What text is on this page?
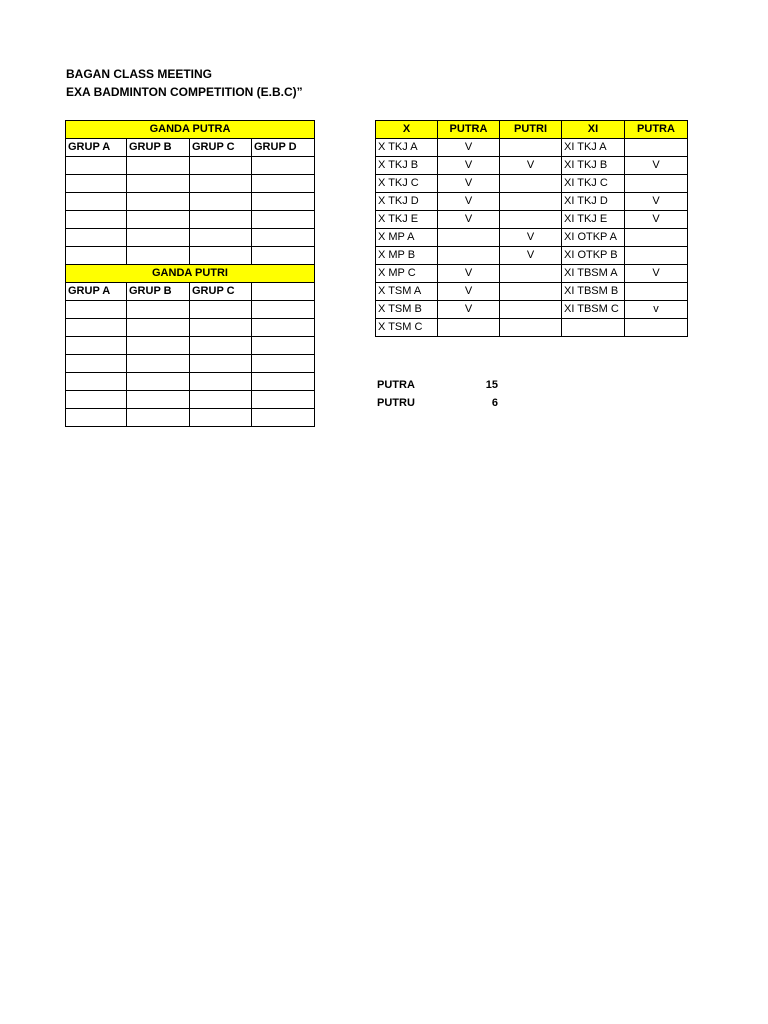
BAGAN CLASS MEETING
EXA BADMINTON COMPETITION (E.B.C)”
GANDA PUTRA			
GRUP A	GRUP B	GRUP C	GRUP D

GANDA PUTRI			
GRUP A	GRUP B	GRUP C	

X	PUTRA	PUTRI	XI	PUTRA
X TKJ A	V		XI TKJ A	
X TKJ B	V	V	XI TKJ B	V
X TKJ C	V		XI TKJ C	
X TKJ D	V		XI TKJ D	V
X TKJ E	V		XI TKJ E	V
X MP A		V	XI OTKP A	
X MP B		V	XI OTKP B	
X MP C	V		XI TBSM A	V
X TSM A	V		XI TBSM B	
X TSM B	V		XI TBSM C	v
X TSM C				
PUTRA	15
PUTRU	6
